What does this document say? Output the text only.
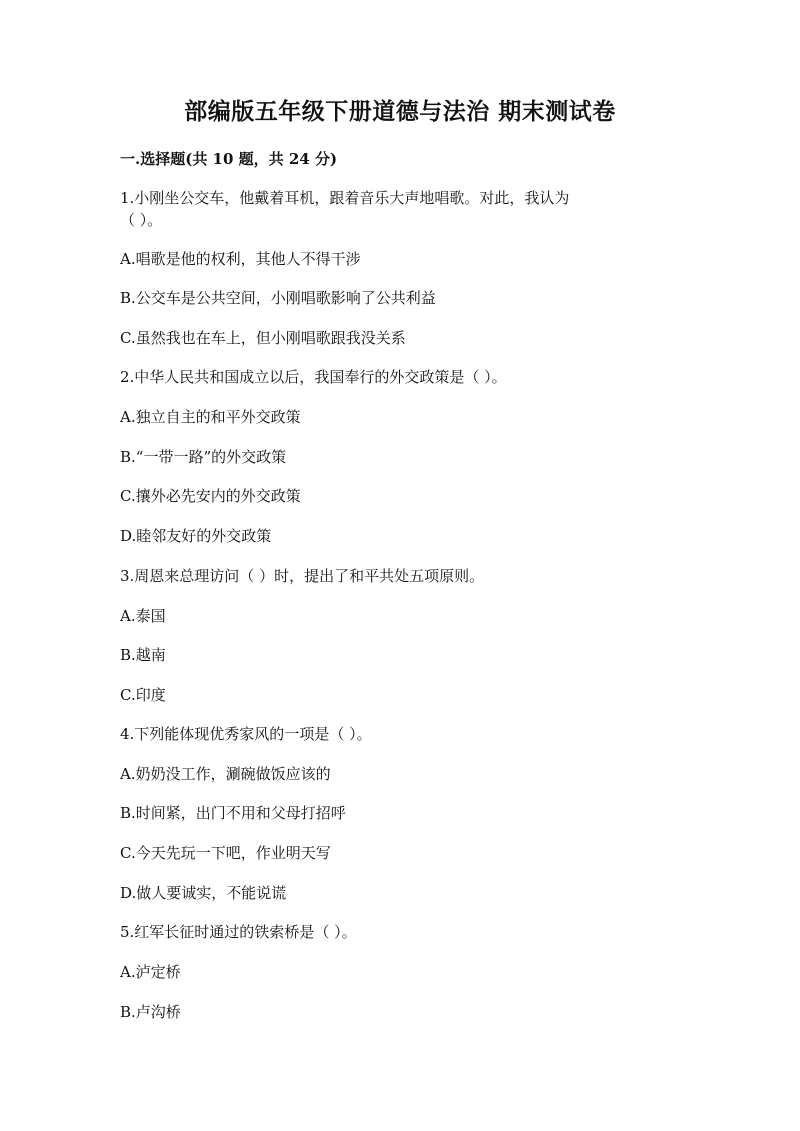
部编版五年级下册道德与法治 期末测试卷
一.选择题(共 10 题，共 24 分)
1.小刚坐公交车，他戴着耳机，跟着音乐大声地唱歌。对此，我认为
（ ）。
A.唱歌是他的权利，其他人不得干涉
B.公交车是公共空间，小刚唱歌影响了公共利益
C.虽然我也在车上，但小刚唱歌跟我没关系
2.中华人民共和国成立以后，我国奉行的外交政策是（ ）。
A.独立自主的和平外交政策
B.“一带一路”的外交政策
C.攘外必先安内的外交政策
D.睦邻友好的外交政策
3.周恩来总理访问（ ）时，提出了和平共处五项原则。
A.泰国
B.越南
C.印度
4.下列能体现优秀家风的一项是（ ）。
A.奶奶没工作，涮碗做饭应该的
B.时间紧，出门不用和父母打招呼
C.今天先玩一下吧，作业明天写
D.做人要诚实，不能说谎
5.红军长征时通过的铁索桥是（ ）。
A.泸定桥
B.卢沟桥
